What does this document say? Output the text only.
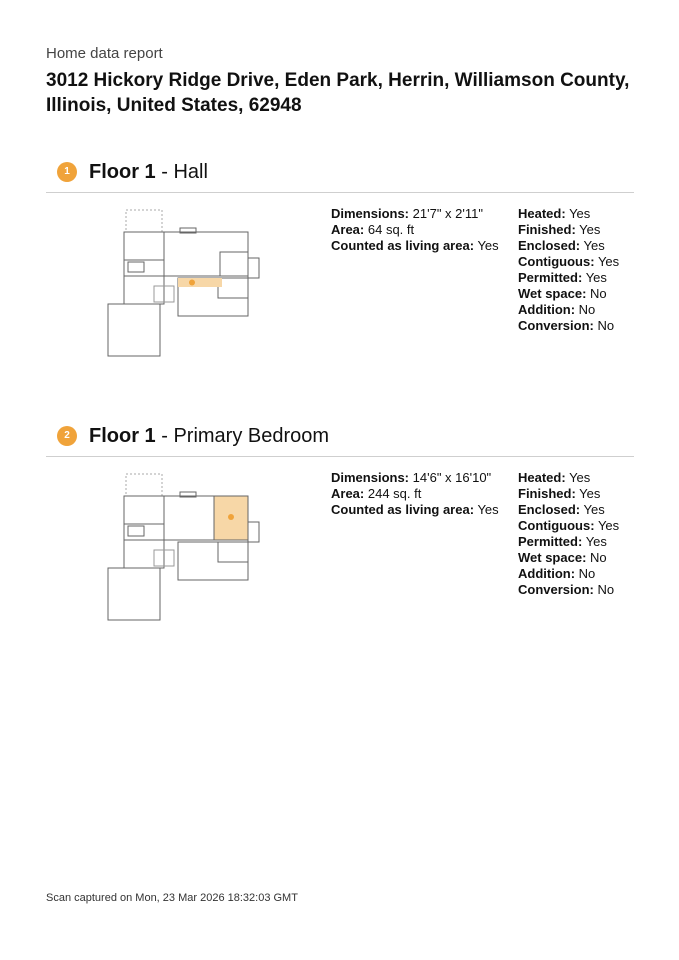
Home data report
3012 Hickory Ridge Drive, Eden Park, Herrin, Williamson County, Illinois, United States, 62948
1 Floor 1 - Hall
Dimensions: 21'7" x 2'11"
Area: 64 sq. ft
Counted as living area: Yes
Heated: Yes
Finished: Yes
Enclosed: Yes
Contiguous: Yes
Permitted: Yes
Wet space: No
Addition: No
Conversion: No
2 Floor 1 - Primary Bedroom
Dimensions: 14'6" x 16'10"
Area: 244 sq. ft
Counted as living area: Yes
Heated: Yes
Finished: Yes
Enclosed: Yes
Contiguous: Yes
Permitted: Yes
Wet space: No
Addition: No
Conversion: No
Scan captured on Mon, 23 Mar 2026 18:32:03 GMT
